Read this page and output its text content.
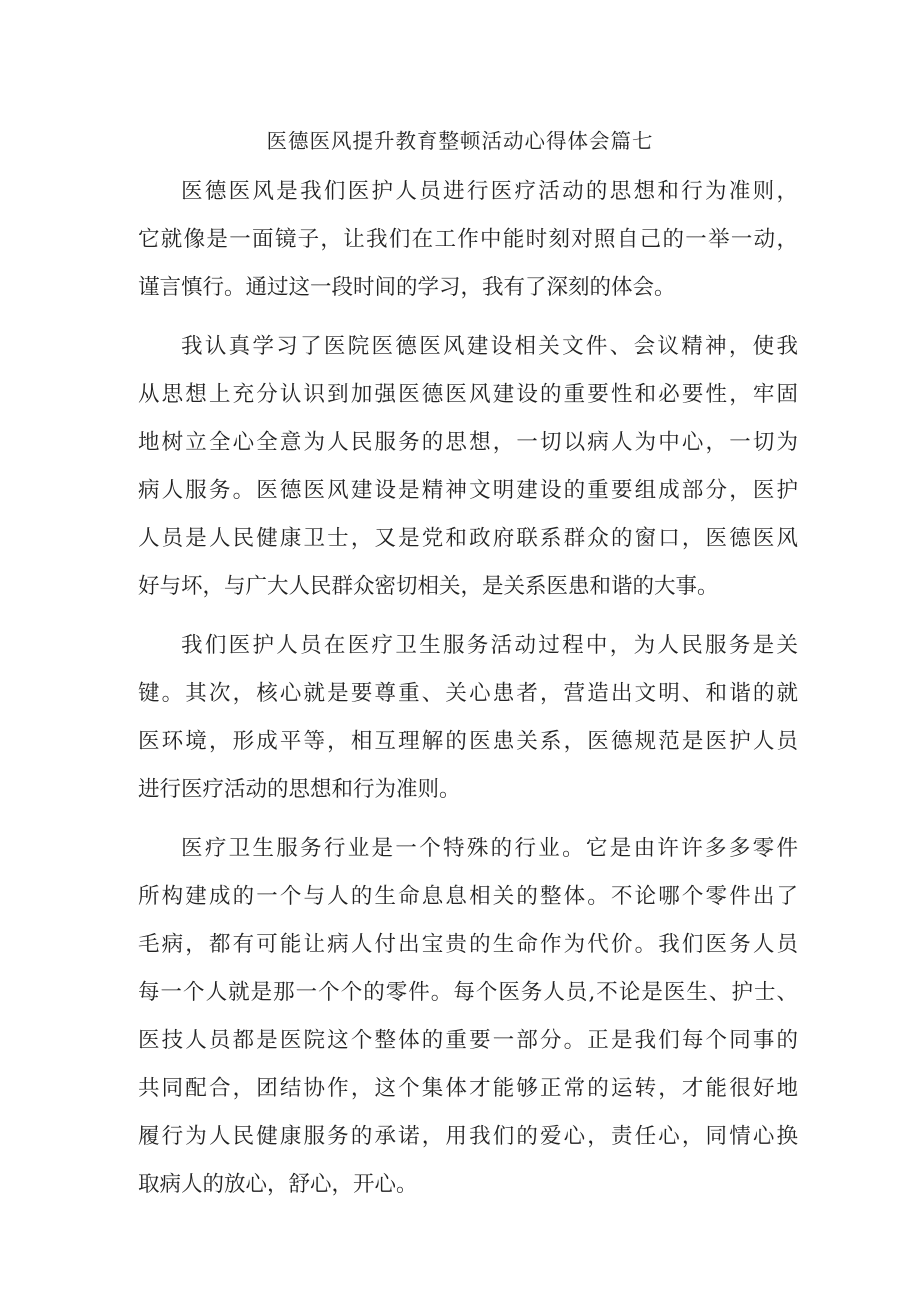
医德医风提升教育整顿活动心得体会篇七
医德医风是我们医护人员进行医疗活动的思想和行为准则，
它就像是一面镜子，让我们在工作中能时刻对照自己的一举一动，
谨言慎行。通过这一段时间的学习，我有了深刻的体会。
我认真学习了医院医德医风建设相关文件、会议精神，使我
从思想上充分认识到加强医德医风建设的重要性和必要性，牢固
地树立全心全意为人民服务的思想，一切以病人为中心，一切为
病人服务。医德医风建设是精神文明建设的重要组成部分，医护
人员是人民健康卫士，又是党和政府联系群众的窗口，医德医风
好与坏，与广大人民群众密切相关，是关系医患和谐的大事。
我们医护人员在医疗卫生服务活动过程中，为人民服务是关
键。其次，核心就是要尊重、关心患者，营造出文明、和谐的就
医环境，形成平等，相互理解的医患关系，医德规范是医护人员
进行医疗活动的思想和行为准则。
医疗卫生服务行业是一个特殊的行业。它是由许许多多零件
所构建成的一个与人的生命息息相关的整体。不论哪个零件出了
毛病，都有可能让病人付出宝贵的生命作为代价。我们医务人员
每一个人就是那一个个的零件。每个医务人员,不论是医生、护士、
医技人员都是医院这个整体的重要一部分。正是我们每个同事的
共同配合，团结协作，这个集体才能够正常的运转，才能很好地
履行为人民健康服务的承诺，用我们的爱心，责任心，同情心换
取病人的放心，舒心，开心。
